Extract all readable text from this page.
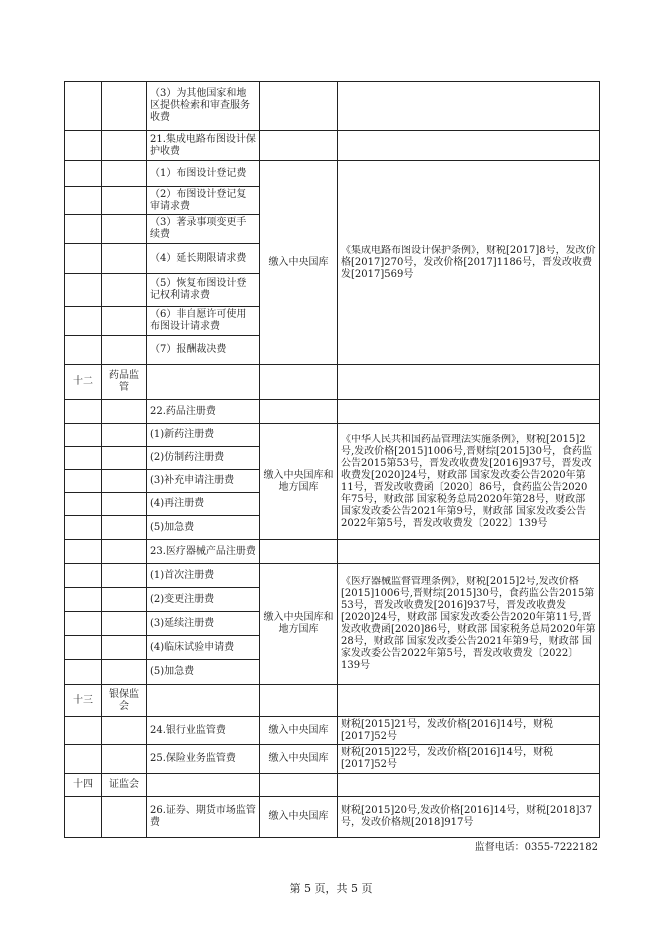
		（3）为其他国家和地区提供检索和审查服务收费		
		21.集成电路布图设计保护收费		
		（1）布图设计登记费	缴入中央国库	《集成电路布图设计保护条例》，财税[2017]8号，发改价格[2017]270号，发改价格[2017]1186号，晋发改收费发[2017]569号

		（2）布图设计登记复审请求费		
		（3）著录事项变更手续费		
		（4）延长期限请求费		
		（5）恢复布图设计登记权利请求费		
		（6）非自愿许可使用布图设计请求费		
		（7）报酬裁决费		
十二	药品监管			
		22.药品注册费		
		(1)新药注册费	缴入中央国库和地方国库	《中华人民共和国药品管理法实施条例》，财税[2015]2号,发改价格[2015]1006号,晋财综[2015]30号，食药监公告2015第53号，晋发改收费发[2016]937号，晋发改收费发[2020]24号，财政部 国家发改委公告2020年第11号，晋发改收费函〔2020〕86号，食药监公告2020年75号，财政部 国家税务总局2020年第28号，财政部 国家发改委公告2021年第9号，财政部 国家发改委公告2022年第5号，晋发改收费发〔2022〕139号

		(2)仿制药注册费		
		(3)补充申请注册费		
		(4)再注册费		
		(5)加急费		
		23.医疗器械产品注册费		
		(1)首次注册费	缴入中央国库和地方国库	《医疗器械监督管理条例》，财税[2015]2号,发改价格[2015]1006号,晋财综[2015]30号，食药监公告2015第53号，晋发改收费发[2016]937号，晋发改收费发[2020]24号，财政部 国家发改委公告2020年第11号,晋发改收费函[2020]86号，财政部 国家税务总局2020年第28号，财政部 国家发改委公告2021年第9号，财政部 国家发改委公告2022年第5号，晋发改收费发〔2022〕139号

		(2)变更注册费		
		(3)延续注册费		
		(4)临床试验申请费		
		(5)加急费		
十三	银保监会			
		24.银行业监管费	缴入中央国库	财税[2015]21号，发改价格[2016]14号，财税[2017]52号
		25.保险业务监管费	缴入中央国库	财税[2015]22号，发改价格[2016]14号，财税[2017]52号
十四	证监会			
		26.证券、期货市场监管费	缴入中央国库	财税[2015]20号,发改价格[2016]14号，财税[2018]37号，发改价格规[2018]917号
监督电话：0355-7222182
第 5 页，共 5 页
